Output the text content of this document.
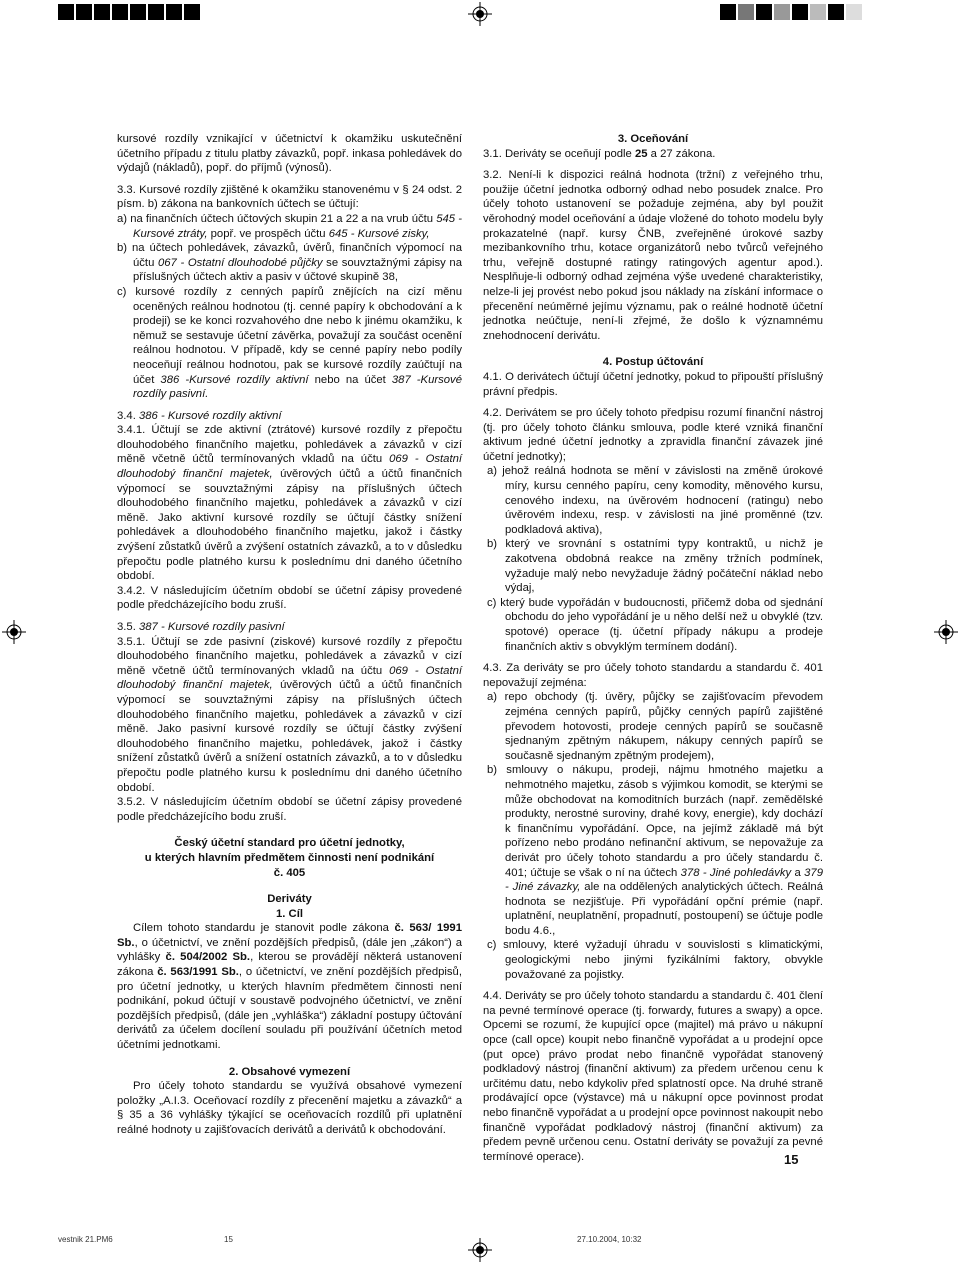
kursové rozdíly vznikající v účetnictví k okamžiku uskutečnění účetního případu z titulu platby závazků, popř. inkasa pohledávek do výdajů (nákladů), popř. do příjmů (výnosů).

3.3. Kursové rozdíly zjištěné k okamžiku stanovenému v § 24 odst. 2 písm. b) zákona na bankovních účtech se účtují:

a) na finančních účtech účtových skupin 21 a 22 a na vrub účtu 545 - Kursové ztráty, popř. ve prospěch účtu 645 - Kursové zisky,

b) na účtech pohledávek, závazků, úvěrů, finančních výpomocí na účtu 067 - Ostatní dlouhodobé půjčky se souvztažnými zápisy na příslušných účtech aktiv a pasiv v účtové skupině 38,

c) kursové rozdíly z cenných papírů znějících na cizí měnu oceněných reálnou hodnotou (tj. cenné papíry k obchodování a k prodeji) se ke konci rozvahového dne nebo k jinému okamžiku, k němuž se sestavuje účetní závěrka, považují za součást ocenění reálnou hodnotou. V případě, kdy se cenné papíry nebo podíly neoceňují reálnou hodnotou, pak se kursové rozdíly zaúčtují na účet 386 -Kursové rozdíly aktivní nebo na účet 387 -Kursové rozdíly pasivní.

3.4. 386 - Kursové rozdíly aktivní

3.4.1. Účtují se zde aktivní (ztrátové) kursové rozdíly z přepočtu dlouhodobého finančního majetku, pohledávek a závazků v cizí měně včetně účtů termínovaných vkladů na účtu 069 - Ostatní dlouhodobý finanční majetek, úvěrových účtů a účtů finančních výpomocí se souvztažnými zápisy na příslušných účtech dlouhodobého finančního majetku, pohledávek a závazků v cizí měně. Jako aktivní kursové rozdíly se účtují částky snížení pohledávek a dlouhodobého finančního majetku, jakož i částky zvýšení zůstatků úvěrů a zvýšení ostatních závazků, a to v důsledku přepočtu podle platného kursu k poslednímu dni daného účetního období.

3.4.2. V následujícím účetním období se účetní zápisy provedené podle předcházejícího bodu zruší.

3.5. 387 - Kursové rozdíly pasivní

3.5.1. Účtují se zde pasivní (ziskové) kursové rozdíly z přepočtu dlouhodobého finančního majetku, pohledávek a závazků v cizí měně včetně účtů termínovaných vkladů na účtu 069 - Ostatní dlouhodobý finanční majetek, úvěrových účtů a účtů finančních výpomocí se souvztažnými zápisy na příslušných účtech dlouhodobého finančního majetku, pohledávek a závazků v cizí měně. Jako pasivní kursové rozdíly se účtují částky zvýšení dlouhodobého finančního majetku, pohledávek, jakož i částky snížení zůstatků úvěrů a snížení ostatních závazků, a to v důsledku přepočtu podle platného kursu k poslednímu dni daného účetního období.

3.5.2. V následujícím účetním období se účetní zápisy provedené podle předcházejícího bodu zruší.

Český účetní standard pro účetní jednotky,
u kterých hlavním předmětem činnosti není podnikání
č. 405
Deriváty
1. Cíl

Cílem tohoto standardu je stanovit podle zákona č. 563/ 1991 Sb., o účetnictví, ve znění pozdějších předpisů, (dále jen „zákon“) a vyhlášky č. 504/2002 Sb., kterou se provádějí některá ustanovení zákona č. 563/1991 Sb., o účetnictví, ve znění pozdějších předpisů, pro účetní jednotky, u kterých hlavním předmětem činnosti není podnikání, pokud účtují v soustavě podvojného účetnictví, ve znění pozdějších předpisů, (dále jen „vyhláška“) základní postupy účtování derivátů za účelem docílení souladu při používání účetních metod účetními jednotkami.

2. Obsahové vymezení

Pro účely tohoto standardu se využívá obsahové vymezení položky „A.I.3. Oceňovací rozdíly z přecenění majetku a závazků“ a § 35 a 36 vyhlášky týkající se oceňovacích rozdílů při uplatnění reálné hodnoty u zajišťovacích derivátů a derivátů k obchodování.

3. Oceňování

3.1. Deriváty se oceňují podle 25 a 27 zákona.

3.2. Není-li k dispozici reálná hodnota (tržní) z veřejného trhu, použije účetní jednotka odborný odhad nebo posudek znalce. Pro účely tohoto ustanovení se požaduje zejména, aby byl použit věrohodný model oceňování a údaje vložené do tohoto modelu byly prokazatelné (např. kursy ČNB, zveřejněné úrokové sazby mezibankovního trhu, kotace organizátorů nebo tvůrců veřejného trhu, veřejně dostupné ratingy ratingových agentur apod.). Nesplňuje-li odborný odhad zejména výše uvedené charakteristiky, nelze-li jej provést nebo pokud jsou náklady na získání informace o přecenění neúměrné jejímu významu, pak o reálné hodnotě účetní jednotka neúčtuje, není-li zřejmé, že došlo k významnému znehodnocení derivátu.

4. Postup účtování

4.1. O derivátech účtují účetní jednotky, pokud to připouští příslušný právní předpis.

4.2. Derivátem se pro účely tohoto předpisu rozumí finanční nástroj (tj. pro účely tohoto článku smlouva, podle které vzniká finanční aktivum jedné účetní jednotky a zpravidla finanční závazek jiné účetní jednotky);

a) jehož reálná hodnota se mění v závislosti na změně úrokové míry, kursu cenného papíru, ceny komodity, měnového kursu, cenového indexu, na úvěrovém hodnocení (ratingu) nebo úvěrovém indexu, resp. v závislosti na jiné proměnné (tzv. podkladová aktiva),

b) který ve srovnání s ostatními typy kontraktů, u nichž je zakotvena obdobná reakce na změny tržních podmínek, vyžaduje malý nebo nevyžaduje žádný počáteční náklad nebo výdaj,

c) který bude vypořádán v budoucnosti, přičemž doba od sjednání obchodu do jeho vypořádání je u něho delší než u obvyklé (tzv. spotové) operace (tj. účetní případy nákupu a prodeje finančních aktiv s obvyklým termínem dodání).

4.3. Za deriváty se pro účely tohoto standardu a standardu č. 401 nepovažují zejména:

a) repo obchody (tj. úvěry, půjčky se zajišťovacím převodem zejména cenných papírů, půjčky cenných papírů zajištěné převodem hotovosti, prodeje cenných papírů se současně sjednaným zpětným nákupem, nákupy cenných papírů se současně sjednaným zpětným prodejem),

b) smlouvy o nákupu, prodeji, nájmu hmotného majetku a nehmotného majetku, zásob s výjimkou komodit, se kterými se může obchodovat na komoditních burzách (např. zemědělské produkty, nerostné suroviny, drahé kovy, energie), kdy dochází k finančnímu vypořádání. Opce, na jejímž základě má být pořízeno nebo prodáno nefinanční aktivum, se nepovažuje za derivát pro účely tohoto standardu a pro účely standardu č. 401; účtuje se však o ní na účtech 378 - Jiné pohledávky a 379 - Jiné závazky, ale na oddělených analytických účtech. Reálná hodnota se nezjišťuje. Při vypořádání opční prémie (např. uplatnění, neuplatnění, propadnutí, postoupení) se účtuje podle bodu 4.6.,

c) smlouvy, které vyžadují úhradu v souvislosti s klimatickými, geologickými nebo jinými fyzikálními faktory, obvykle považované za pojistky.

4.4. Deriváty se pro účely tohoto standardu a standardu č. 401 člení na pevné termínové operace (tj. forwardy, futures a swapy) a opce. Opcemi se rozumí, že kupující opce (majitel) má právo u nákupní opce (call opce) koupit nebo finančně vypořádat a u prodejní opce (put opce) právo prodat nebo finančně vypořádat stanovený podkladový nástroj (finanční aktivum) za předem určenou cenu k určitému datu, nebo kdykoliv před splatností opce. Na druhé straně prodávající opce (výstavce) má u nákupní opce povinnost prodat nebo finančně vypořádat a u prodejní opce povinnost nakoupit nebo finančně vypořádat podkladový nástroj (finanční aktivum) za předem pevně určenou cenu. Ostatní deriváty se považují za pevné termínové operace).	15
vestnik 21.PM6	15	27.10.2004, 10:32
